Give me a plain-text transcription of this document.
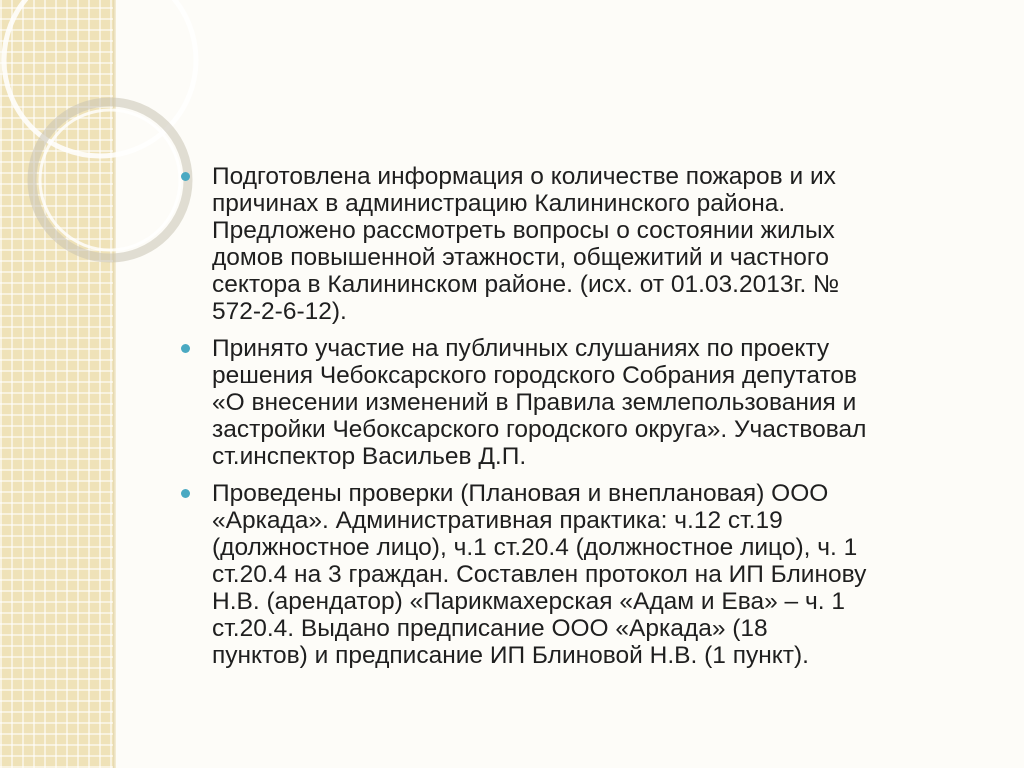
Подготовлена информация о количестве пожаров и их
причинах в администрацию Калининского района.
Предложено рассмотреть вопросы о состоянии жилых
домов повышенной этажности, общежитий и частного
сектора в Калининском районе. (исх. от 01.03.2013г. №
572-2-6-12).
Принято участие на публичных слушаниях по проекту
решения Чебоксарского городского Собрания депутатов
«О внесении изменений в Правила землепользования и
застройки Чебоксарского городского округа». Участвовал
ст.инспектор Васильев Д.П.
Проведены проверки (Плановая и внеплановая) ООО
«Аркада». Административная практика: ч.12 ст.19
(должностное лицо), ч.1 ст.20.4 (должностное лицо), ч. 1
ст.20.4 на 3 граждан. Составлен протокол на ИП Блинову
Н.В. (арендатор) «Парикмахерская «Адам и Ева» – ч. 1
ст.20.4. Выдано предписание ООО «Аркада» (18
пунктов) и предписание ИП Блиновой Н.В. (1 пункт).
